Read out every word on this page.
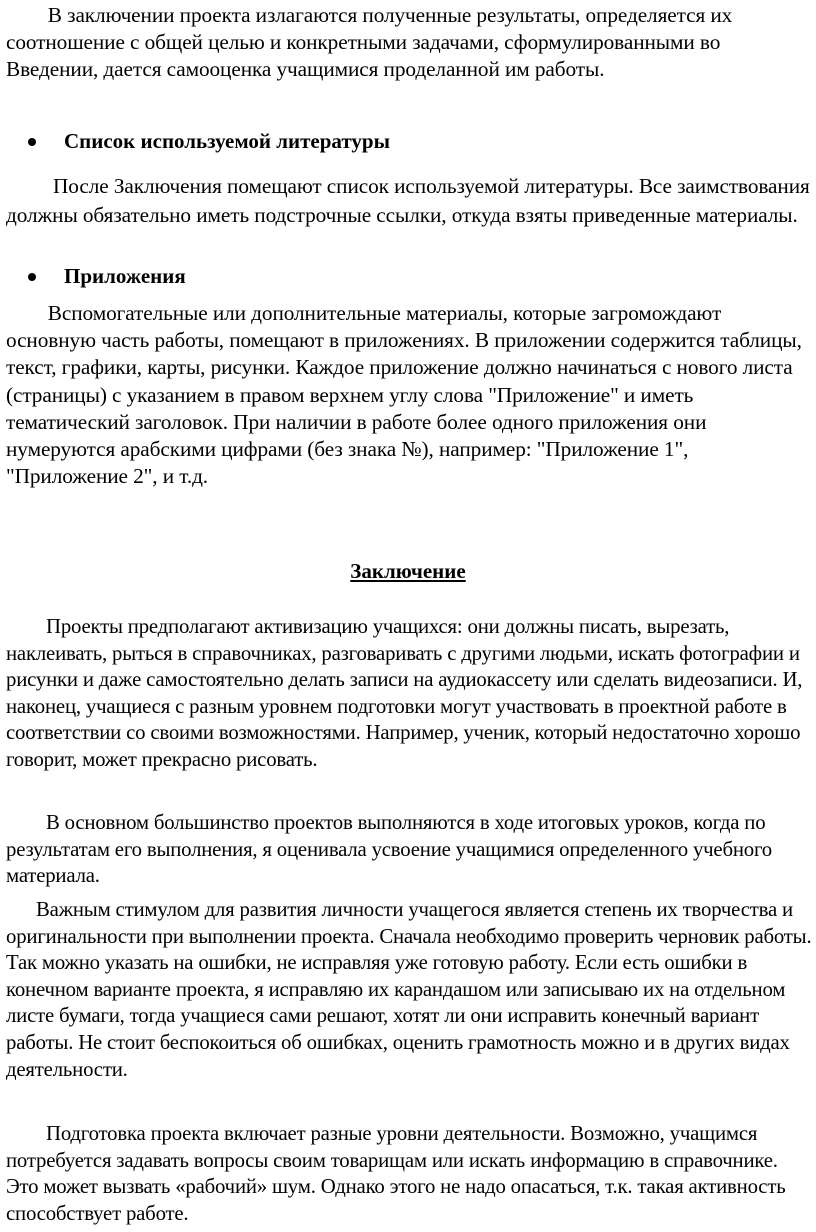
В заключении проекта излагаются полученные результаты, определяется их соотношение с общей целью и конкретными задачами, сформулированными во Введении, дается самооценка учащимися проделанной им работы.

Список используемой литературы

После Заключения помещают список используемой литературы. Все заимствования должны обязательно иметь подстрочные ссылки, откуда взяты приведенные материалы.

Приложения

Вспомогательные или дополнительные материалы, которые загромождают основную часть работы, помещают в приложениях. В приложении содержится таблицы, текст, графики, карты, рисунки. Каждое приложение должно начинаться с нового листа (страницы) с указанием в правом верхнем углу слова "Приложение" и иметь тематический заголовок. При наличии в работе более одного приложения они нумеруются арабскими цифрами (без знака №), например: "Приложение 1", "Приложение 2", и т.д.

Заключение

Проекты предполагают активизацию учащихся: они должны писать, вырезать, наклеивать, рыться в справочниках, разговаривать с другими людьми, искать фотографии и рисунки и даже самостоятельно делать записи на аудиокассету или сделать видеозаписи. И, наконец, учащиеся с разным уровнем подготовки могут участвовать в проектной работе в соответствии со своими возможностями. Например, ученик, который недостаточно хорошо говорит, может прекрасно рисовать.

В основном большинство проектов выполняются в ходе итоговых уроков, когда по результатам его выполнения, я оценивала усвоение учащимися определенного учебного материала.

Важным стимулом для развития личности учащегося является степень их творчества и оригинальности при выполнении проекта. Сначала необходимо проверить черновик работы. Так можно указать на ошибки, не исправляя уже готовую работу. Если есть ошибки в конечном варианте проекта, я исправляю их карандашом или записываю их на отдельном листе бумаги, тогда учащиеся сами решают, хотят ли они исправить конечный вариант работы. Не стоит беспокоиться об ошибках, оценить грамотность можно и в других видах деятельности.

Подготовка проекта включает разные уровни деятельности. Возможно, учащимся потребуется задавать вопросы своим товарищам или искать информацию в справочнике. Это может вызвать «рабочий» шум. Однако этого не надо опасаться, т.к. такая активность способствует работе.
